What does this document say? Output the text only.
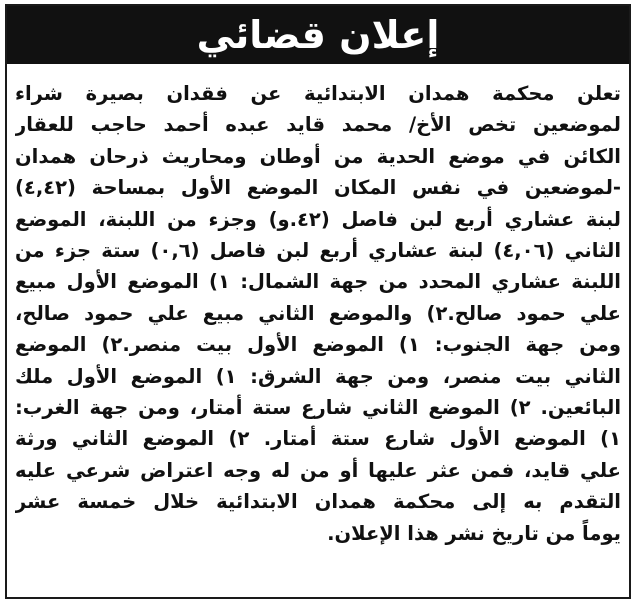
إعلان قضائي
تعلن محكمة همدان الابتدائية عن فقدان بصيرة شراء
لموضعين تخص الأخ/ محمد قايد عبده أحمد حاجب للعقار
الكائن في موضع الحدية من أوطان ومحاريث ذرحان همدان
-لموضعين في نفس المكان الموضع الأول بمساحة (٤,٤٢)
لبنة عشاري أربع لبن فاصل (٤٢.و) وجزء من اللبنة، الموضع
الثاني (٤,٠٦) لبنة عشاري أربع لبن فاصل (٠,٦) ستة جزء من
اللبنة عشاري المحدد من جهة الشمال: ١) الموضع الأول مبيع
علي حمود صالح.٢) والموضع الثاني مبيع علي حمود صالح،
ومن جهة الجنوب: ١) الموضع الأول بيت منصر.٢) الموضع
الثاني بيت منصر، ومن جهة الشرق: ١) الموضع الأول ملك
البائعين. ٢) الموضع الثاني شارع ستة أمتار، ومن جهة الغرب:
١) الموضع الأول شارع ستة أمتار. ٢) الموضع الثاني ورثة
علي قايد، فمن عثر عليها أو من له وجه اعتراض شرعي عليه
التقدم به إلى محكمة همدان الابتدائية خلال خمسة عشر
يوماً من تاريخ نشر هذا الإعلان.
